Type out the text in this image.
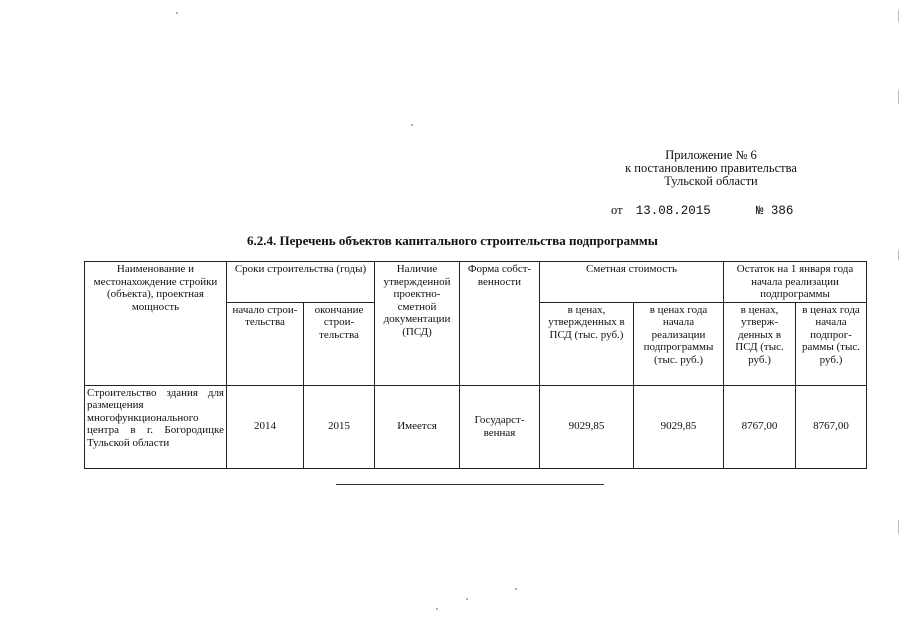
Приложение № 6
к постановлению правительства
Тульской области
от 13.08.2015	№ 386
6.2.4. Перечень объектов капитального строительства подпрограммы
Наименование и местонахождение стройки (объекта), проектная мощность	Сроки строительства (годы)		Наличие утвержденной проектно-сметной документации (ПСД)	Форма собст-венности	Сметная стоимость		Остаток на 1 января года начала реализации подпрограммы	
	начало строи-тельства	окончание строи-тельства			в ценах, утвержденных в ПСД (тыс. руб.)	в ценах года начала реализации подпрограммы (тыс. руб.)	в ценах, утверж-денных в ПСД (тыс. руб.)	в ценах года начала подпрог-раммы (тыс. руб.)
Строительство здания для размещения многофункционального центра в г. Богородицке Тульской области	2014	2015	Имеется	Государст-венная	9029,85	9029,85	8767,00	8767,00
